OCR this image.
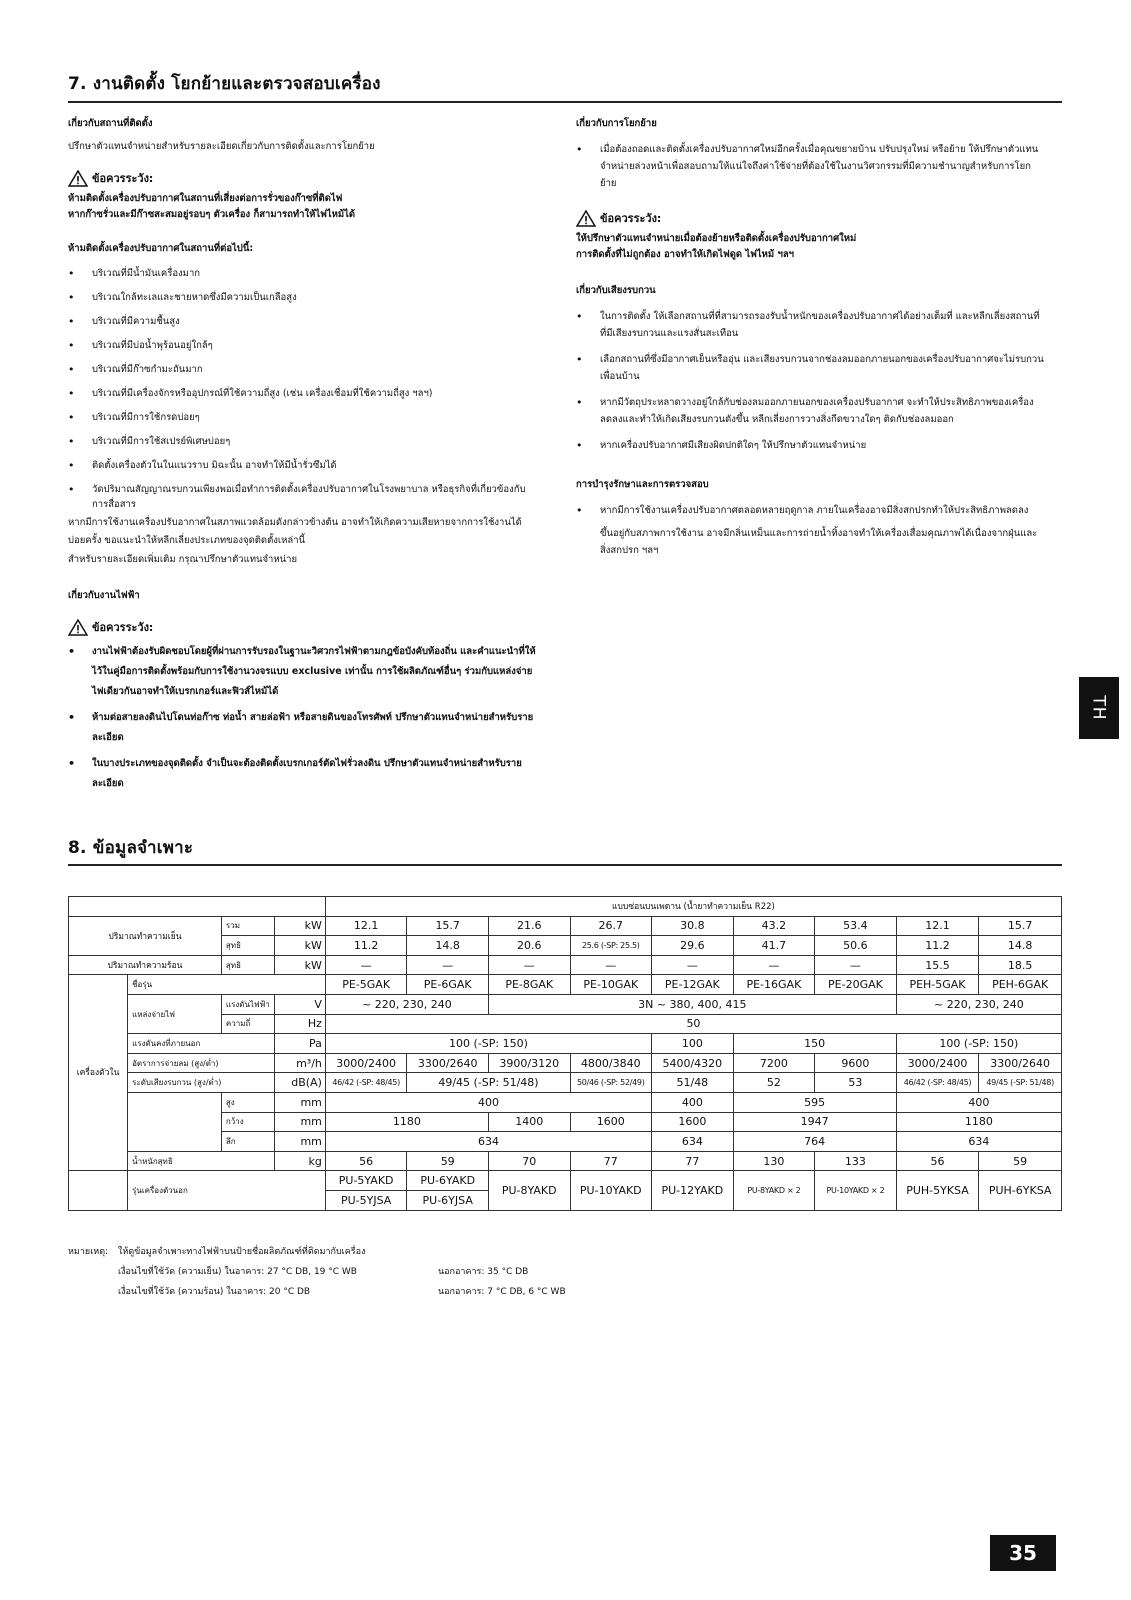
7. งานติดตั้ง โยกย้ายและตรวจสอบเครื่อง
เกี่ยวกับสถานที่ติดตั้ง
ปรึกษาตัวแทนจำหน่ายสำหรับรายละเอียดเกี่ยวกับการติดตั้งและการโยกย้าย
ข้อควรระวัง:
ห้ามติดตั้งเครื่องปรับอากาศในสถานที่เสี่ยงต่อการรั่วของก๊าซที่ติดไฟ
หากก๊าซรั่วและมีก๊าซสะสมอยู่รอบๆ ตัวเครื่อง ก็สามารถทำให้ไฟไหม้ได้
ห้ามติดตั้งเครื่องปรับอากาศในสถานที่ต่อไปนี้:
• บริเวณที่มีน้ำมันเครื่องมาก
• บริเวณใกล้ทะเลและชายหาดซึ่งมีความเป็นเกลือสูง
• บริเวณที่มีความชื้นสูง
• บริเวณที่มีบ่อน้ำพุร้อนอยู่ใกล้ๆ
• บริเวณที่มีก๊าซกำมะถันมาก
• บริเวณที่มีเครื่องจักรหรืออุปกรณ์ที่ใช้ความถี่สูง (เช่น เครื่องเชื่อมที่ใช้ความถี่สูง ฯลฯ)
• บริเวณที่มีการใช้กรดบ่อยๆ
• บริเวณที่มีการใช้สเปรย์พิเศษบ่อยๆ
• ติดตั้งเครื่องตัวในในแนวราบ มิฉะนั้น อาจทำให้มีน้ำรั่วซึมได้
• วัดปริมาณสัญญาณรบกวนเพียงพอเมื่อทำการติดตั้งเครื่องปรับอากาศในโรงพยาบาล หรือธุรกิจที่เกี่ยวข้องกับการสื่อสาร
หากมีการใช้งานเครื่องปรับอากาศในสภาพแวดล้อมดังกล่าวข้างต้น อาจทำให้เกิดความเสียหายจากการใช้งานได้บ่อยครั้ง ขอแนะนำให้หลีกเลี่ยงประเภทของจุดติดตั้งเหล่านี้
สำหรับรายละเอียดเพิ่มเติม กรุณาปรึกษาตัวแทนจำหน่าย
เกี่ยวกับงานไฟฟ้า
ข้อควรระวัง:
• งานไฟฟ้าต้องรับผิดชอบโดยผู้ที่ผ่านการรับรองในฐานะวิศวกรไฟฟ้าตามกฎข้อบังคับท้องถิ่น และคำแนะนำที่ให้ไว้ในคู่มือการติดตั้งพร้อมกับการใช้งานวงจรแบบ exclusive เท่านั้น การใช้ผลิตภัณฑ์อื่นๆ ร่วมกับแหล่งจ่ายไฟเดียวกันอาจทำให้เบรกเกอร์และฟิวส์ไหม้ได้
• ห้ามต่อสายลงดินไปโดนท่อก๊าซ ท่อน้ำ สายล่อฟ้า หรือสายดินของโทรศัพท์ ปรึกษาตัวแทนจำหน่ายสำหรับรายละเอียด
• ในบางประเภทของจุดติดตั้ง จำเป็นจะต้องติดตั้งเบรกเกอร์ตัดไฟรั่วลงดิน ปรึกษาตัวแทนจำหน่ายสำหรับรายละเอียด
เกี่ยวกับการโยกย้าย
• เมื่อต้องถอดและติดตั้งเครื่องปรับอากาศใหม่อีกครั้งเมื่อคุณขยายบ้าน ปรับปรุงใหม่ หรือย้าย ให้ปรึกษาตัวแทนจำหน่ายล่วงหน้าเพื่อสอบถามให้แน่ใจถึงค่าใช้จ่ายที่ต้องใช้ในงานวิศวกรรมที่มีความชำนาญสำหรับการโยกย้าย
ข้อควรระวัง:
ให้ปรึกษาตัวแทนจำหน่ายเมื่อต้องย้ายหรือติดตั้งเครื่องปรับอากาศใหม่
การติดตั้งที่ไม่ถูกต้อง อาจทำให้เกิดไฟดูด ไฟไหม้ ฯลฯ
เกี่ยวกับเสียงรบกวน
• ในการติดตั้ง ให้เลือกสถานที่ที่สามารถรองรับน้ำหนักของเครื่องปรับอากาศได้อย่างเต็มที่ และหลีกเลี่ยงสถานที่ที่มีเสียงรบกวนและแรงสั่นสะเทือน
• เลือกสถานที่ซึ่งมีอากาศเย็นหรืออุ่น และเสียงรบกวนจากช่องลมออกภายนอกของเครื่องปรับอากาศจะไม่รบกวนเพื่อนบ้าน
• หากมีวัตถุประหลาดวางอยู่ใกล้กับช่องลมออกภายนอกของเครื่องปรับอากาศ จะทำให้ประสิทธิภาพของเครื่องลดลงและทำให้เกิดเสียงรบกวนดังขึ้น หลีกเลี่ยงการวางสิ่งกีดขวางใดๆ ติดกับช่องลมออก
• หากเครื่องปรับอากาศมีเสียงผิดปกติใดๆ ให้ปรึกษาตัวแทนจำหน่าย
การบำรุงรักษาและการตรวจสอบ
• หากมีการใช้งานเครื่องปรับอากาศตลอดหลายฤดูกาล ภายในเครื่องอาจมีสิ่งสกปรกทำให้ประสิทธิภาพลดลง
ขึ้นอยู่กับสภาพการใช้งาน อาจมีกลิ่นเหม็นและการถ่ายน้ำทิ้งอาจทำให้เครื่องเสื่อมคุณภาพได้เนื่องจากฝุ่นและสิ่งสกปรก ฯลฯ
TH
8. ข้อมูลจำเพาะ
				แบบซ่อนบนเพดาน (น้ำยาทำความเย็น R22)								
ปริมาณทำความเย็น		รวม	kW	12.1	15.7	21.6	26.7	30.8	43.2	53.4	12.1	15.7
		สุทธิ	kW	11.2	14.8	20.6	25.6 (-SP: 25.5)	29.6	41.7	50.6	11.2	14.8
ปริมาณทำความร้อน		สุทธิ	kW	—	—	—	—	—	—	—	15.5	18.5
เครื่องตัวใน	ชื่อรุ่น			PE-5GAK	PE-6GAK	PE-8GAK	PE-10GAK	PE-12GAK	PE-16GAK	PE-20GAK	PEH-5GAK	PEH-6GAK
	แหล่งจ่ายไฟ	แรงดันไฟฟ้า	V	~ 220, 230, 240		3N ~ 380, 400, 415					~ 220, 230, 240	
		ความถี่	Hz	50								
	แรงดันคงที่ภายนอก		Pa	100 (-SP: 150)				100	150		100 (-SP: 150)	
	อัตราการจ่ายลม (สูง/ต่ำ)		m³/h	3000/2400	3300/2640	3900/3120	4800/3840	5400/4320	7200	9600	3000/2400	3300/2640
	ระดับเสียงรบกวน (สูง/ต่ำ)		dB(A)	46/42 (-SP: 48/45)	49/45 (-SP: 51/48)		50/46 (-SP: 52/49)	51/48	52	53	46/42 (-SP: 48/45)	49/45 (-SP: 51/48)
		สูง	mm	400				400	595		400	
		กว้าง	mm	1180		1400	1600	1600	1947		1180	
		ลึก	mm	634				634	764		634	
	น้ำหนักสุทธิ		kg	56	59	70	77	77	130	133	56	59
	รุ่นเครื่องตัวนอก			PU-5YAKD	PU-6YAKD	PU-8YAKD	PU-10YAKD	PU-12YAKD	PU-8YAKD × 2	PU-10YAKD × 2	PUH-5YKSA	PUH-6YKSA
				PU-5YJSA	PU-6YJSA							
หมายเหตุ:	ให้ดูข้อมูลจำเพาะทางไฟฟ้าบนป้ายชื่อผลิตภัณฑ์ที่ติดมากับเครื่อง
เงื่อนไขที่ใช้วัด (ความเย็น) ในอาคาร: 27 °C DB, 19 °C WB	นอกอาคาร: 35 °C DB
เงื่อนไขที่ใช้วัด (ความร้อน) ในอาคาร: 20 °C DB	นอกอาคาร: 7 °C DB, 6 °C WB
35
